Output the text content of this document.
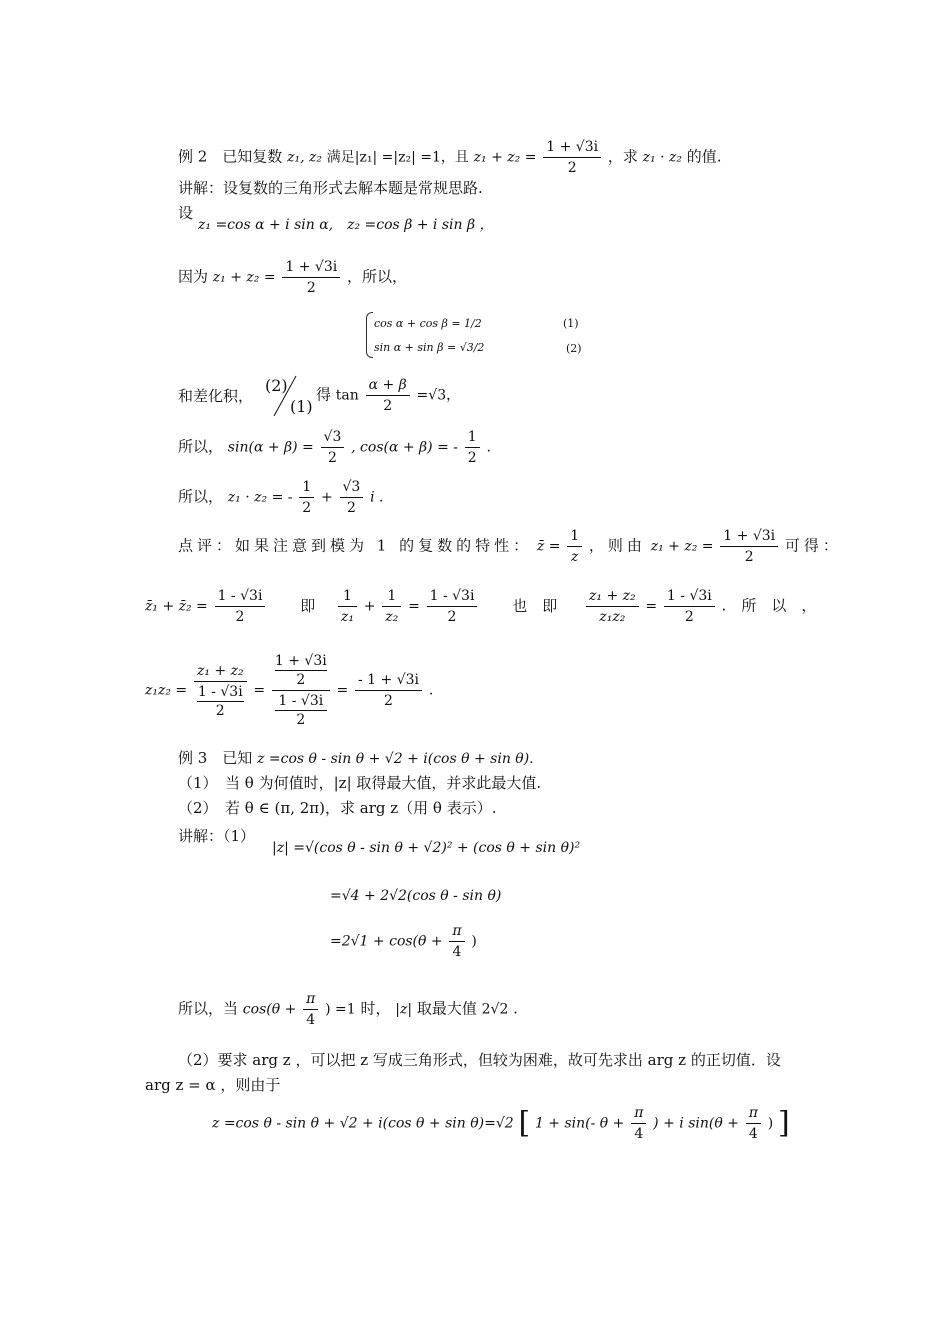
例 2　已知复数 z₁, z₂ 满足|z₁| =|z₂| =1，且 $z_1 + z_2 = \frac{1 + √3i}{2}$ ，求 z₁ · z₂ 的值.
讲解：设复数的三角形式去解本题是常规思路.
设
z₁ =cos α + i sin α,　z₂ =cos β + i sin β ，
因为 $z_1 + z_2 = \frac{1 + √3i}{2}$ ，所以，
cos α + cos β = 1/2	(1)
sin α + sin β = √3/2	(2)
和差化积，
(2)
(1)
得 $\tan \frac{\alpha + \beta}{2} =√3$，
所以， $\sin(\alpha + \beta) = \frac{√3}{2}$ , cos(α + β) = - $\frac{1}{2}$ .
所以， z₁ · z₂ = - $\frac{1}{2} + \frac{√3}{2}$ i .
点评：如果注意到模为 1 的复数的特性： z̄ = $\frac{1}{z}$ ，则由 $z_1 + z_2 = \frac{1 + √3i}{2}$ 可得：
z̄₁ + z̄₂ = $\frac{1 - √3i}{2}$ 即 $\frac{1}{\text{z₁}} + \frac{1}{\text{z₂}} = \frac{1 - √3i}{2}$ 也　即 $\frac{\text{z₁ + z₂}}{\text{z₁z₂}} = \frac{1 - √3i}{2}$ .　所　以　，
z₁z₂ = z₁ + z₂
1 - √3i
2 = 1 + √3i
2
1 - √3i
$2 = \frac{- 1 + √3i}{2}$ .
例 3　已知 z =cos θ - sin θ + √2 + i(cos θ + sin θ).
（1）　当 θ 为何值时，|z| 取得最大值，并求此最大值.
（2）　若 θ ∈ (π, 2π)，求 arg z（用 θ 表示）.
讲解：（1）
|z| =√(cos θ - sin θ + √2)² + (cos θ + sin θ)²
=√4 + 2√2(cos θ - sin θ)
$=2√1 + \cos(\theta + \frac{\pi}{4}$ )
所以，当 $\cos(\theta + \frac{\pi}{4}$ ) =1 时， |z| 取最大值 2√2 .
（2）要求 arg z ，可以把 z 写成三角形式，但较为困难，故可先求出 arg z 的正切值．设
arg z = α ，则由于
z =cos θ - sin θ + √2 + i(cos θ + sin θ)=√2 [ 1 + sin(- $\theta + \frac{\pi}{4}$ ) + i $\sin(\theta + \frac{\pi}{4}$ ) ]
